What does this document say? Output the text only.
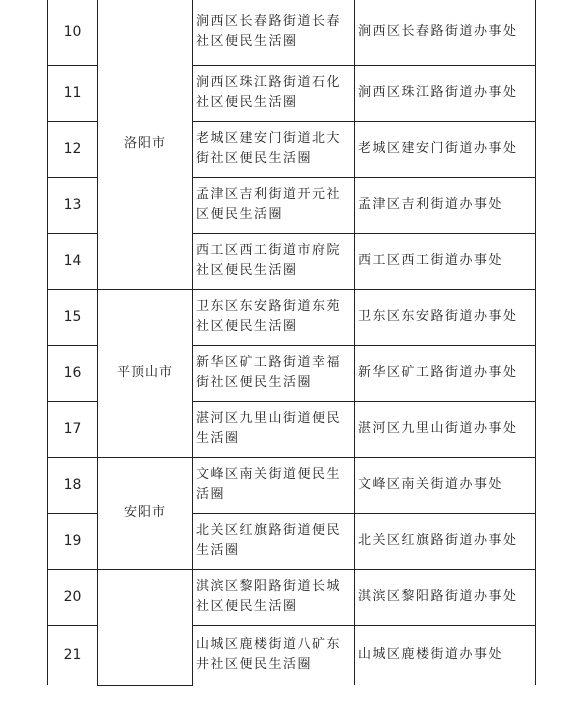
10	洛阳市	涧西区长春路街道长春社区便民生活圈	涧西区长春路街道办事处
11		涧西区珠江路街道石化社区便民生活圈	涧西区珠江路街道办事处
12		老城区建安门街道北大街社区便民生活圈	老城区建安门街道办事处
13		孟津区吉利街道开元社区便民生活圈	孟津区吉利街道办事处
14		西工区西工街道市府院社区便民生活圈	西工区西工街道办事处
15	平顶山市	卫东区东安路街道东苑社区便民生活圈	卫东区东安路街道办事处
16		新华区矿工路街道幸福街社区便民生活圈	新华区矿工路街道办事处
17		湛河区九里山街道便民生活圈	湛河区九里山街道办事处
18	安阳市	文峰区南关街道便民生活圈	文峰区南关街道办事处
19		北关区红旗路街道便民生活圈	北关区红旗路街道办事处
20		淇滨区黎阳路街道长城社区便民生活圈	淇滨区黎阳路街道办事处
21		山城区鹿楼街道八矿东井社区便民生活圈	山城区鹿楼街道办事处
